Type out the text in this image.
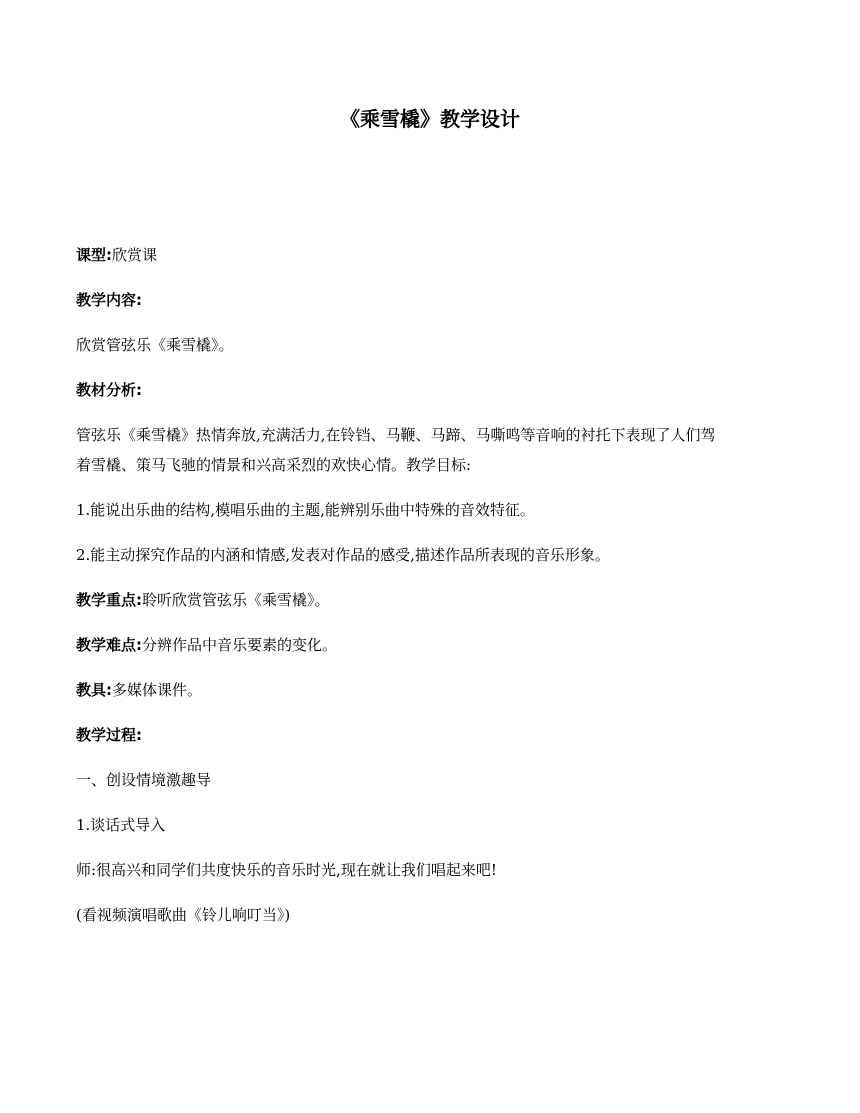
《乘雪橇》教学设计
课型:欣赏课
教学内容:
欣赏管弦乐《乘雪橇》。
教材分析:
管弦乐《乘雪橇》热情奔放,充满活力,在铃铛、马鞭、马蹄、马嘶鸣等音响的衬托下表现了人们驾
着雪橇、策马飞驰的情景和兴高采烈的欢快心情。教学目标:
1.能说出乐曲的结构,模唱乐曲的主题,能辨别乐曲中特殊的音效特征。
2.能主动探究作品的内涵和情感,发表对作品的感受,描述作品所表现的音乐形象。
教学重点:聆听欣赏管弦乐《乘雪橇》。
教学难点:分辨作品中音乐要素的变化。
教具:多媒体课件。
教学过程:
一、创设情境激趣导
1.谈话式导入
师:很高兴和同学们共度快乐的音乐时光,现在就让我们唱起来吧!
(看视频演唱歌曲《铃儿响叮当》)
